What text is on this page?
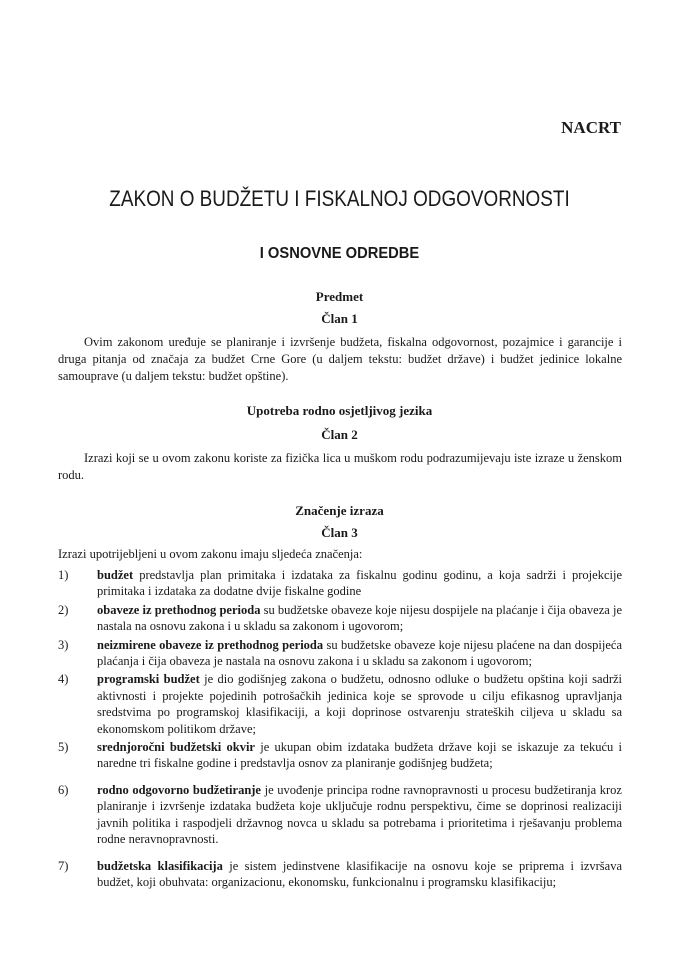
NACRT
ZAKON O BUDŽETU I FISKALNOJ ODGOVORNOSTI
I OSNOVNE ODREDBE
Predmet
Član 1
Ovim zakonom uređuje se planiranje i izvršenje budžeta, fiskalna odgovornost, pozajmice i garancije i druga pitanja od značaja za budžet Crne Gore (u daljem tekstu: budžet države) i budžet jedinice lokalne samouprave (u daljem tekstu: budžet opštine).
Upotreba rodno osjetljivog jezika
Član 2
Izrazi koji se u ovom zakonu koriste za fizička lica u muškom rodu podrazumijevaju iste izraze u ženskom rodu.
Značenje izraza
Član 3
Izrazi upotrijebljeni u ovom zakonu imaju sljedeća značenja:
1)	budžet predstavlja plan primitaka i izdataka za fiskalnu godinu godinu, a koja sadrži i projekcije primitaka i izdataka za dodatne dvije fiskalne godine
2)	obaveze iz prethodnog perioda su budžetske obaveze koje nijesu dospijele na plaćanje i čija obaveza je nastala na osnovu zakona i u skladu sa zakonom i ugovorom;
3)	neizmirene obaveze iz prethodnog perioda su budžetske obaveze koje nijesu plaćene na dan dospijeća plaćanja i čija obaveza je nastala na osnovu zakona i u skladu sa zakonom i ugovorom;
4)	programski budžet je dio godišnjeg zakona o budžetu, odnosno odluke o budžetu opština koji sadrži aktivnosti i projekte pojedinih potrošačkih jedinica koje se sprovode u cilju efikasnog upravljanja sredstvima po programskoj klasifikaciji, a koji doprinose ostvarenju strateških ciljeva u skladu sa ekonomskom politikom države;
5)	srednjoročni budžetski okvir je ukupan obim izdataka budžeta države koji se iskazuje za tekuću i naredne tri fiskalne godine i predstavlja osnov za planiranje godišnjeg budžeta;
6)	rodno odgovorno budžetiranje je uvođenje principa rodne ravnopravnosti u procesu budžetiranja kroz planiranje i izvršenje izdataka budžeta koje uključuje rodnu perspektivu, čime se doprinosi realizaciji javnih politika i raspodjeli državnog novca u skladu sa potrebama i prioritetima i rješavanju problema rodne neravnopravnosti.
7)	budžetska klasifikacija je sistem jedinstvene klasifikacije na osnovu koje se priprema i izvršava budžet, koji obuhvata: organizacionu, ekonomsku, funkcionalnu i programsku klasifikaciju;
